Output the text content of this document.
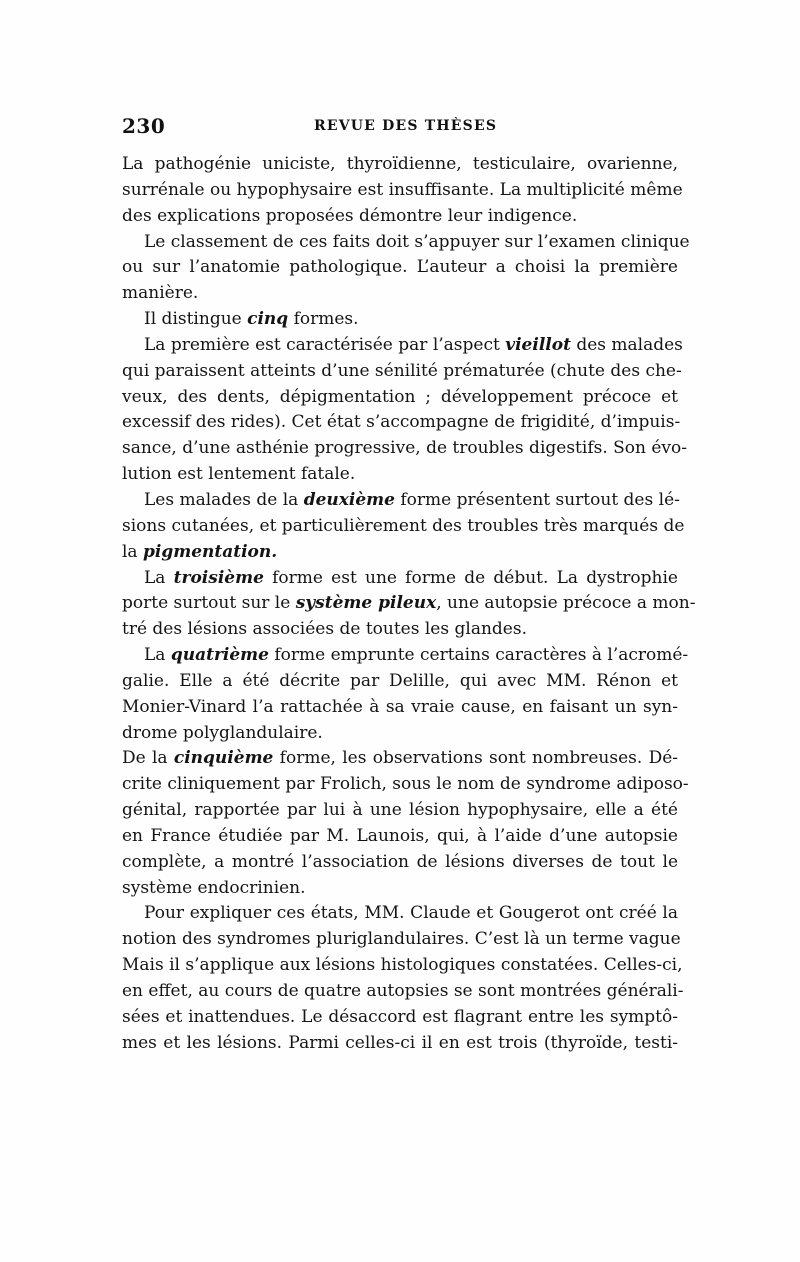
230	REVUE DES THÈSES
La pathogénie uniciste, thyroïdienne, testiculaire, ovarienne,
surrénale ou hypophysaire est insuffisante. La multiplicité même
des explications proposées démontre leur indigence.
Le classement de ces faits doit s’appuyer sur l’examen clinique
ou sur l’anatomie pathologique. L’auteur a choisi la première
manière.
Il distingue cinq formes.
La première est caractérisée par l’aspect vieillot des malades
qui paraissent atteints d’une sénilité prématurée (chute des che-
veux, des dents, dépigmentation ; développement précoce et
excessif des rides). Cet état s’accompagne de frigidité, d’impuis-
sance, d’une asthénie progressive, de troubles digestifs. Son évo-
lution est lentement fatale.
Les malades de la deuxième forme présentent surtout des lé-
sions cutanées, et particulièrement des troubles très marqués de
la pigmentation.
La troisième forme est une forme de début. La dystrophie
porte surtout sur le système pileux, une autopsie précoce a mon-
tré des lésions associées de toutes les glandes.
La quatrième forme emprunte certains caractères à l’acromé-
galie. Elle a été décrite par Delille, qui avec MM. Rénon et
Monier-Vinard l’a rattachée à sa vraie cause, en faisant un syn-
drome polyglandulaire.
De la cinquième forme, les observations sont nombreuses. Dé-
crite cliniquement par Frolich, sous le nom de syndrome adiposo-
génital, rapportée par lui à une lésion hypophysaire, elle a été
en France étudiée par M. Launois, qui, à l’aide d’une autopsie
complète, a montré l’association de lésions diverses de tout le
système endocrinien.
Pour expliquer ces états, MM. Claude et Gougerot ont créé la
notion des syndromes pluriglandulaires. C’est là un terme vague
Mais il s’applique aux lésions histologiques constatées. Celles-ci,
en effet, au cours de quatre autopsies se sont montrées générali-
sées et inattendues. Le désaccord est flagrant entre les symptô-
mes et les lésions. Parmi celles-ci il en est trois (thyroïde, testi-
